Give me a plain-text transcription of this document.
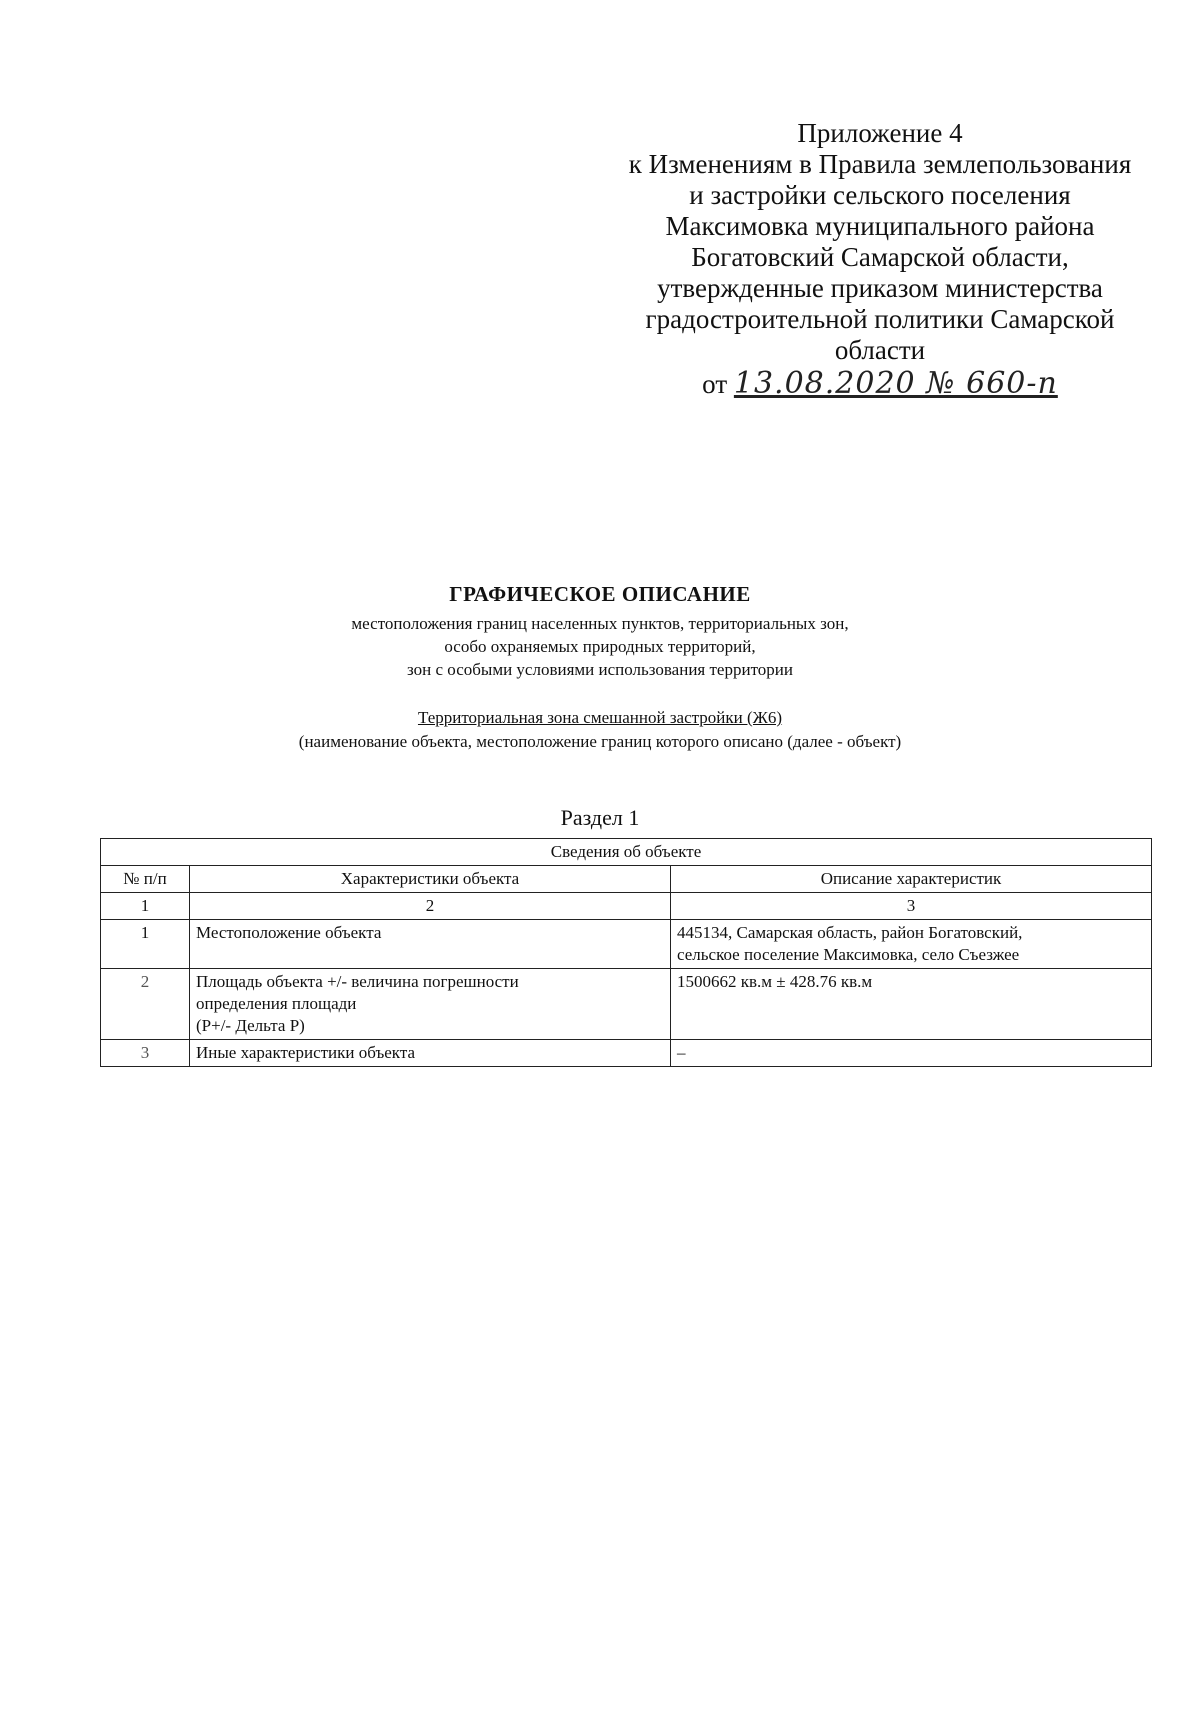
Приложение 4
к Изменениям в Правила землепользования
и застройки сельского поселения
Максимовка муниципального района
Богатовский Самарской области,
утвержденные приказом министерства
градостроительной политики Самарской
области
от 13.08.2020 № 660-п
ГРАФИЧЕСКОЕ ОПИСАНИЕ
местоположения границ населенных пунктов, территориальных зон,
особо охраняемых природных территорий,
зон с особыми условиями использования территории
Территориальная зона смешанной застройки (Ж6)
(наименование объекта, местоположение границ которого описано (далее - объект)
Раздел 1
Сведения об объекте		
№ п/п	Характеристики объекта	Описание характеристик
1	2	3
1	Местоположение объекта	445134, Самарская область, район Богатовский,
сельское поселение Максимовка, село Съезжее

2	Площадь объекта +/- величина погрешности
определения площади
(P+/- Дельта P)	1500662 кв.м ± 428.76 кв.м
3	Иные характеристики объекта	–
